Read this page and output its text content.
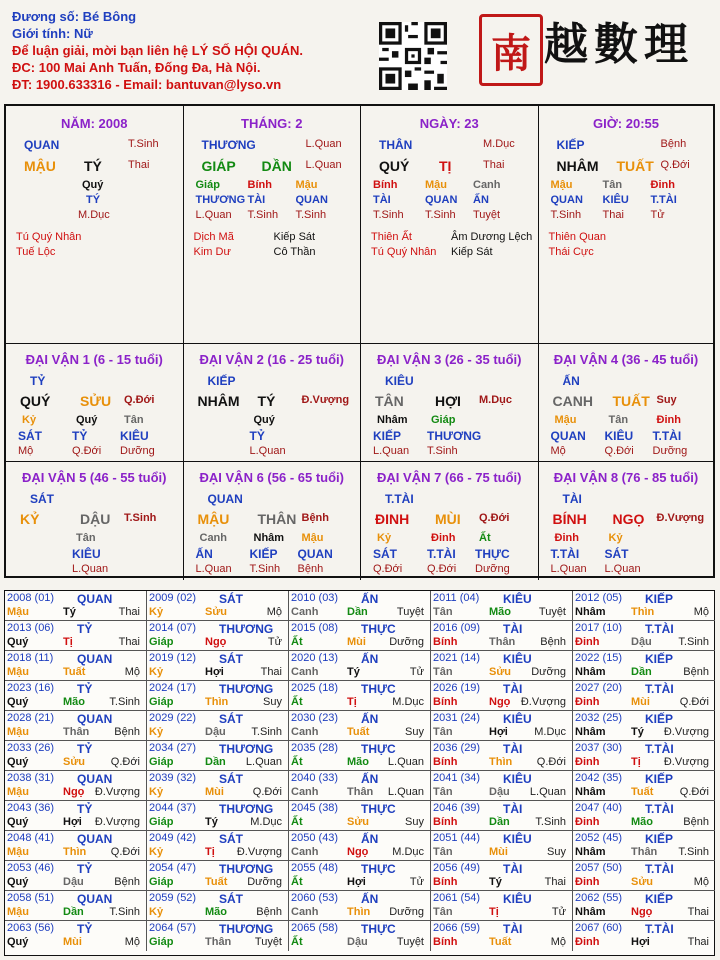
Đương số: Bé Bông
Giới tính: Nữ
Để luận giải, mời bạn liên hệ LÝ SỐ HỘI QUÁN.
ĐC: 100 Mai Anh Tuấn, Đống Đa, Hà Nội.
ĐT: 1900.633316 - Email: bantuvan@lyso.vn
南 越數理
NĂM: 2008
QUAN	T.Sinh
MẬU TÝ Thai
Quý
TÝ
M.Dục
Tú Quý Nhân
Tuế Lộc
THÁNG: 2
THƯƠNG	L.Quan
GIÁP DẦN L.Quan
Giáp	Bính Mậu
THƯƠNG TÀI	QUAN
L.Quan T.Sinh T.Sinh
Dịch Mã	Kiếp Sát
Kim Dư	Cô Thần
NGÀY: 23
THÂN	M.Dục
QUÝ TỊ	Thai
Bính	Mậu Canh
TÀI	QUAN ẤN
T.Sinh T.Sinh Tuyệt
Thiên Ất	Âm Dương Lệch
Tú Quý Nhân Kiếp Sát
GIỜ: 20:55
KIẾP	Bệnh
NHÂM TUẤT Q.Đới
Mậu	Tân	Đinh
QUAN KIÊU T.TÀI
T.Sinh Thai Tử
Thiên Quan
Thái Cực
ĐẠI VẬN 1 (6 - 15 tuổi)
TỶ
QUÝ SỬU Q.Đới
Kỷ	Quý Tân
SÁT	TỶ	KIÊU
Mộ	Q.Đới Dưỡng
ĐẠI VẬN 2 (16 - 25 tuổi)
KIẾP
NHÂM TÝ Đ.Vượng
Quý
TỶ
L.Quan
ĐẠI VẬN 3 (26 - 35 tuổi)
KIÊU
TÂN HỢI M.Dục
Nhâm Giáp
KIẾP THƯƠNG
L.Quan T.Sinh
ĐẠI VẬN 4 (36 - 45 tuổi)
ẤN
CANH TUẤT Suy
Mậu	Tân	Đinh
QUAN KIÊU T.TÀI
Mộ	Q.Đới Dưỡng
ĐẠI VẬN 5 (46 - 55 tuổi)
SÁT
KỶ	DẬU T.Sinh
Tân
KIÊU
L.Quan
ĐẠI VẬN 6 (56 - 65 tuổi)
QUAN
MẬU THÂN Bệnh
Canh Nhâm Mậu
ẤN	KIẾP QUAN
L.Quan T.Sinh Bệnh
ĐẠI VẬN 7 (66 - 75 tuổi)
T.TÀI
ĐINH MÙI Q.Đới
Kỷ	Đinh Ất
SÁT	T.TÀI THỰC
Q.Đới Q.Đới Dưỡng
ĐẠI VẬN 8 (76 - 85 tuổi)
TÀI
BÍNH NGỌ Đ.Vượng
Đinh	Kỷ
T.TÀI SÁT
L.Quan L.Quan
2008 (01) QUAN
Mậu	Tý	Thai
2009 (02) SÁT
Kỷ	Sửu	Mộ
2010 (03) ẤN
Canh	Dần	Tuyệt
2011 (04) KIÊU
Tân	Mão	Tuyệt
2012 (05) KIẾP
Nhâm Thìn	Mộ
2013 (06) TỶ
Quý	Tị	Thai
2014 (07) THƯƠNG
Giáp	Ngọ	Tử
2015 (08) THỰC
Ất	Mùi Dưỡng
2016 (09) TÀI
Bính	Thân Bệnh
2017 (10) T.TÀI
Đinh	Dậu T.Sinh
2018 (11) QUAN
Mậu	Tuất	Mộ
2019 (12) SÁT
Kỷ	Hợi	Thai
2020 (13) ẤN
Canh	Tý	Tử
2021 (14) KIÊU
Tân	Sửu Dưỡng
2022 (15) KIẾP
Nhâm Dần	Bệnh
2023 (16) TỶ
Quý	Mão T.Sinh
2024 (17) THƯƠNG
Giáp	Thìn	Suy
2025 (18) THỰC
Ất	Tị	M.Dục
2026 (19) TÀI
Bính	Ngọ Đ.Vượng
2027 (20) T.TÀI
Đinh	Mùi	Q.Đới
2028 (21) QUAN
Mậu	Thân Bệnh
2029 (22) SÁT
Kỷ	Dậu T.Sinh
2030 (23) ẤN
Canh	Tuất	Suy
2031 (24) KIÊU
Tân	Hợi M.Dục
2032 (25) KIẾP
Nhâm Tý Đ.Vượng
2033 (26) TỶ
Quý	Sửu Q.Đới
2034 (27) THƯƠNG
Giáp	Dần L.Quan
2035 (28) THỰC
Ất	Mão L.Quan
2036 (29) TÀI
Bính	Thìn Q.Đới
2037 (30) T.TÀI
Đinh	Tị Đ.Vượng
2038 (31) QUAN
Mậu	Ngọ Đ.Vượng
2039 (32) SÁT
Kỷ	Mùi	Q.Đới
2040 (33) ẤN
Canh	Thân L.Quan
2041 (34) KIÊU
Tân	Dậu L.Quan
2042 (35) KIẾP
Nhâm Tuất Q.Đới
2043 (36) TỶ
Quý	Hợi Đ.Vượng
2044 (37) THƯƠNG
Giáp	Tý	M.Dục
2045 (38) THỰC
Ất	Sửu	Suy
2046 (39) TÀI
Bính	Dần T.Sinh
2047 (40) T.TÀI
Đinh	Mão	Bệnh
2048 (41) QUAN
Mậu	Thìn Q.Đới
2049 (42) SÁT
Kỷ	Tị Đ.Vượng
2050 (43) ẤN
Canh	Ngọ M.Dục
2051 (44) KIÊU
Tân	Mùi	Suy
2052 (45) KIẾP
Nhâm Thân T.Sinh
2053 (46) TỶ
Quý	Dậu	Bệnh
2054 (47) THƯƠNG
Giáp	Tuất Dưỡng
2055 (48) THỰC
Ất	Hợi	Tử
2056 (49) TÀI
Bính	Tý	Thai
2057 (50) T.TÀI
Đinh	Sửu	Mộ
2058 (51) QUAN
Mậu	Dần T.Sinh
2059 (52) SÁT
Kỷ	Mão	Bệnh
2060 (53) ẤN
Canh	Thìn Dưỡng
2061 (54) KIÊU
Tân	Tị	Tử
2062 (55) KIẾP
Nhâm Ngọ	Thai
2063 (56) TỶ
Quý	Mùi	Mộ
2064 (57) THƯƠNG
Giáp	Thân Tuyệt
2065 (58) THỰC
Ất	Dậu	Tuyệt
2066 (59) TÀI
Bính	Tuất	Mộ
2067 (60) T.TÀI
Đinh	Hợi	Thai
